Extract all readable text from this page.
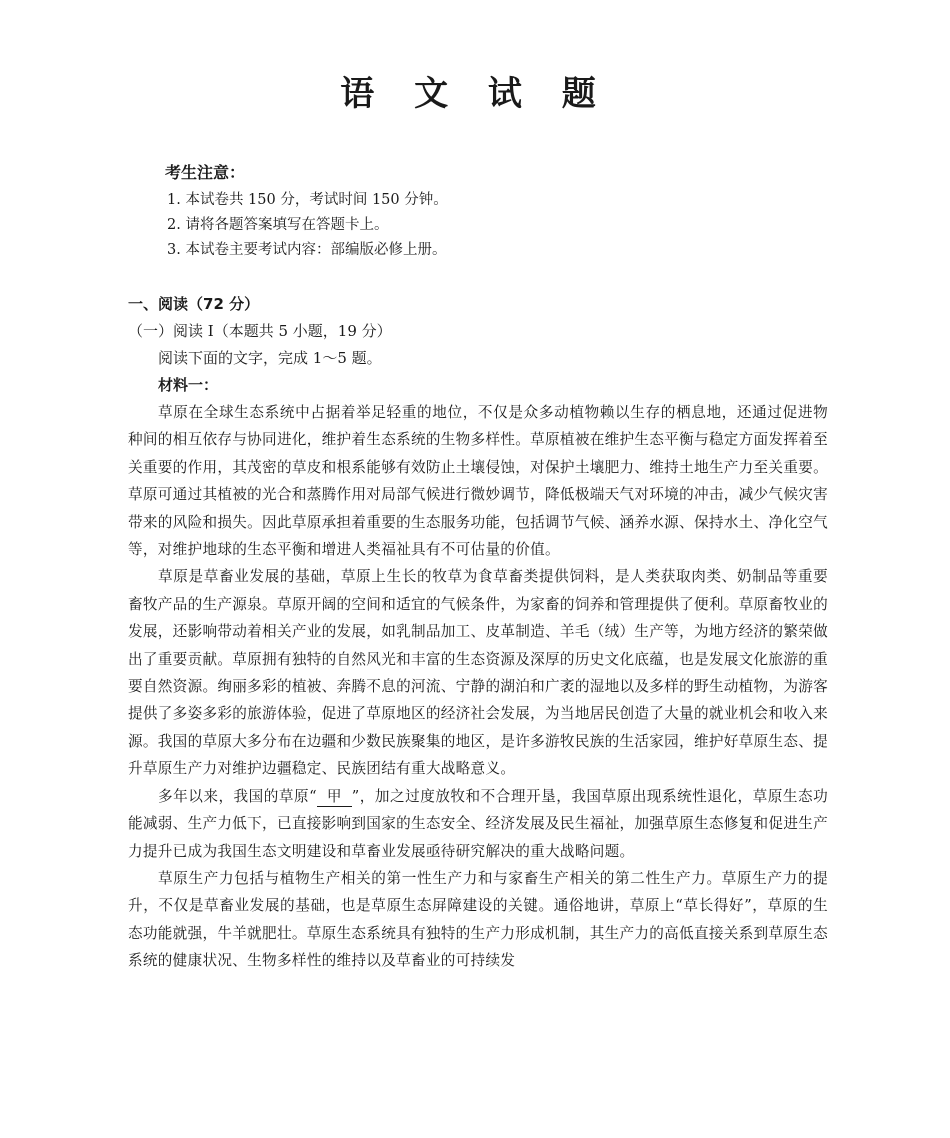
语 文 试 题
考生注意：
1. 本试卷共 150 分，考试时间 150 分钟。
2. 请将各题答案填写在答题卡上。
3. 本试卷主要考试内容：部编版必修上册。
一、阅读（72 分）
（一）阅读 Ⅰ（本题共 5 小题，19 分）
阅读下面的文字，完成 1～5 题。
材料一：

草原在全球生态系统中占据着举足轻重的地位，不仅是众多动植物赖以生存的栖息地，还通过促进物种间的相互依存与协同进化，维护着生态系统的生物多样性。草原植被在维护生态平衡与稳定方面发挥着至关重要的作用，其茂密的草皮和根系能够有效防止土壤侵蚀，对保护土壤肥力、维持土地生产力至关重要。草原可通过其植被的光合和蒸腾作用对局部气候进行微妙调节，降低极端天气对环境的冲击，减少气候灾害带来的风险和损失。因此草原承担着重要的生态服务功能，包括调节气候、涵养水源、保持水土、净化空气等，对维护地球的生态平衡和增进人类福祉具有不可估量的价值。

草原是草畜业发展的基础，草原上生长的牧草为食草畜类提供饲料，是人类获取肉类、奶制品等重要畜牧产品的生产源泉。草原开阔的空间和适宜的气候条件，为家畜的饲养和管理提供了便利。草原畜牧业的发展，还影响带动着相关产业的发展，如乳制品加工、皮革制造、羊毛（绒）生产等，为地方经济的繁荣做出了重要贡献。草原拥有独特的自然风光和丰富的生态资源及深厚的历史文化底蕴，也是发展文化旅游的重要自然资源。绚丽多彩的植被、奔腾不息的河流、宁静的湖泊和广袤的湿地以及多样的野生动植物，为游客提供了多姿多彩的旅游体验，促进了草原地区的经济社会发展，为当地居民创造了大量的就业机会和收入来源。我国的草原大多分布在边疆和少数民族聚集的地区，是许多游牧民族的生活家园，维护好草原生态、提升草原生产力对维护边疆稳定、民族团结有重大战略意义。

多年以来，我国的草原“ 甲 ”，加之过度放牧和不合理开垦，我国草原出现系统性退化，草原生态功能减弱、生产力低下，已直接影响到国家的生态安全、经济发展及民生福祉，加强草原生态修复和促进生产力提升已成为我国生态文明建设和草畜业发展亟待研究解决的重大战略问题。

草原生产力包括与植物生产相关的第一性生产力和与家畜生产相关的第二性生产力。草原生产力的提升，不仅是草畜业发展的基础，也是草原生态屏障建设的关键。通俗地讲，草原上“草长得好”，草原的生态功能就强，牛羊就肥壮。草原生态系统具有独特的生产力形成机制，其生产力的高低直接关系到草原生态系统的健康状况、生物多样性的维持以及草畜业的可持续发
